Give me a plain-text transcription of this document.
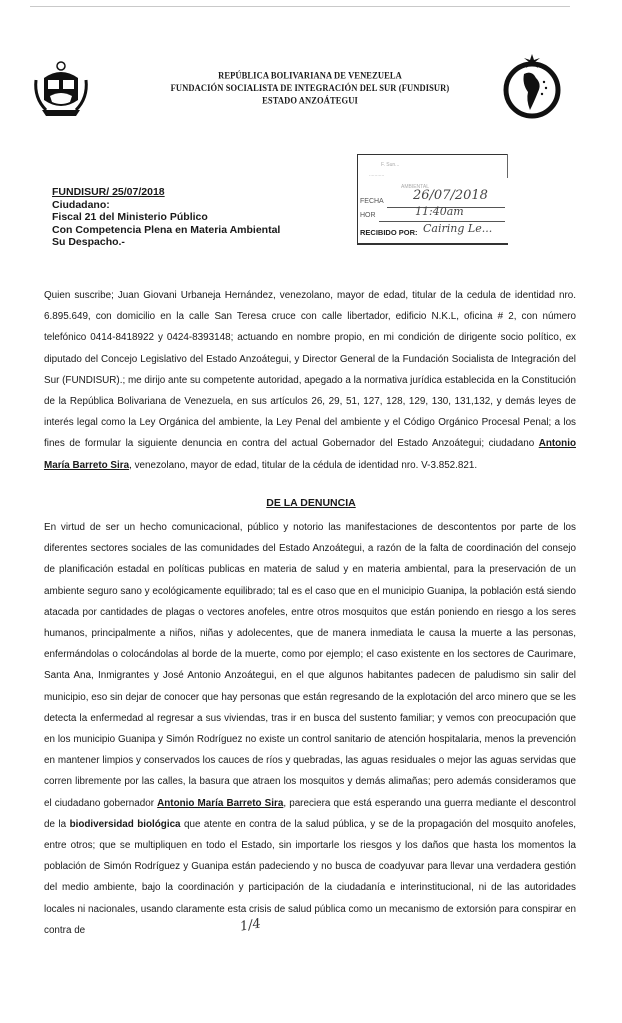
REPÚBLICA BOLIVARIANA DE VENEZUELA
FUNDACIÓN SOCIALISTA DE INTEGRACIÓN DEL SUR (FUNDISUR)
ESTADO ANZOÁTEGUI
FUNDISUR/ 25/07/2018
Ciudadano:
Fiscal 21 del Ministerio Público
Con Competencia Plena en Materia Ambiental
Su Despacho.-
F. Sun...
...........
AMBIENTAL
FECHA 26/07/2018
HOR	11:40am
RECIBIDO POR: Cairing Le...
Quien suscribe; Juan Giovani Urbaneja Hernández, venezolano, mayor de edad, titular de la cedula de identidad nro. 6.895.649, con domicilio en la calle San Teresa cruce con calle libertador, edificio N.K.L, oficina # 2, con número telefónico 0414-8418922 y 0424-8393148; actuando en nombre propio, en mi condición de dirigente socio político, ex diputado del Concejo Legislativo del Estado Anzoátegui, y Director General de la Fundación Socialista de Integración del Sur (FUNDISUR).; me dirijo ante su competente autoridad, apegado a la normativa jurídica establecida en la Constitución de la República Bolivariana de Venezuela, en sus artículos 26, 29, 51, 127, 128, 129, 130, 131,132, y demás leyes de interés legal como la Ley Orgánica del ambiente, la Ley Penal del ambiente y el Código Orgánico Procesal Penal; a los fines de formular la siguiente denuncia en contra del actual Gobernador del Estado Anzoátegui; ciudadano Antonio María Barreto Sira, venezolano, mayor de edad, titular de la cédula de identidad nro. V-3.852.821.
DE LA DENUNCIA
En virtud de ser un hecho comunicacional, público y notorio las manifestaciones de descontentos por parte de los diferentes sectores sociales de las comunidades del Estado Anzoátegui, a razón de la falta de coordinación del consejo de planificación estadal en políticas publicas en materia de salud y en materia ambiental, para la preservación de un ambiente seguro sano y ecológicamente equilibrado; tal es el caso que en el municipio Guanipa, la población está siendo atacada por cantidades de plagas o vectores anofeles, entre otros mosquitos que están poniendo en riesgo a los seres humanos, principalmente a niños, niñas y adolecentes, que de manera inmediata le causa la muerte a las personas, enfermándolas o colocándolas al borde de la muerte, como por ejemplo; el caso existente en los sectores de Caurimare, Santa Ana, Inmigrantes y José Antonio Anzoátegui, en el que algunos habitantes padecen de paludismo sin salir del municipio, eso sin dejar de conocer que hay personas que están regresando de la explotación del arco minero que se les detecta la enfermedad al regresar a sus viviendas, tras ir en busca del sustento familiar; y vemos con preocupación que en los municipio Guanipa y Simón Rodríguez no existe un control sanitario de atención hospitalaria, menos la prevención en mantener limpios y conservados los cauces de ríos y quebradas, las aguas residuales o mejor las aguas servidas que corren libremente por las calles, la basura que atraen los mosquitos y demás alimañas; pero además consideramos que el ciudadano gobernador Antonio María Barreto Sira, pareciera que está esperando una guerra mediante el descontrol de la biodiversidad biológica que atente en contra de la salud pública, y se de la propagación del mosquito anofeles, entre otros; que se multipliquen en todo el Estado, sin importarle los riesgos y los daños que hasta los momentos la población de Simón Rodríguez y Guanipa están padeciendo y no busca de coadyuvar para llevar una verdadera gestión del medio ambiente, bajo la coordinación y participación de la ciudadanía e interinstitucional, ni de las autoridades locales ni nacionales, usando claramente esta crisis de salud pública como un mecanismo de extorsión para conspirar en contra de	1/4
